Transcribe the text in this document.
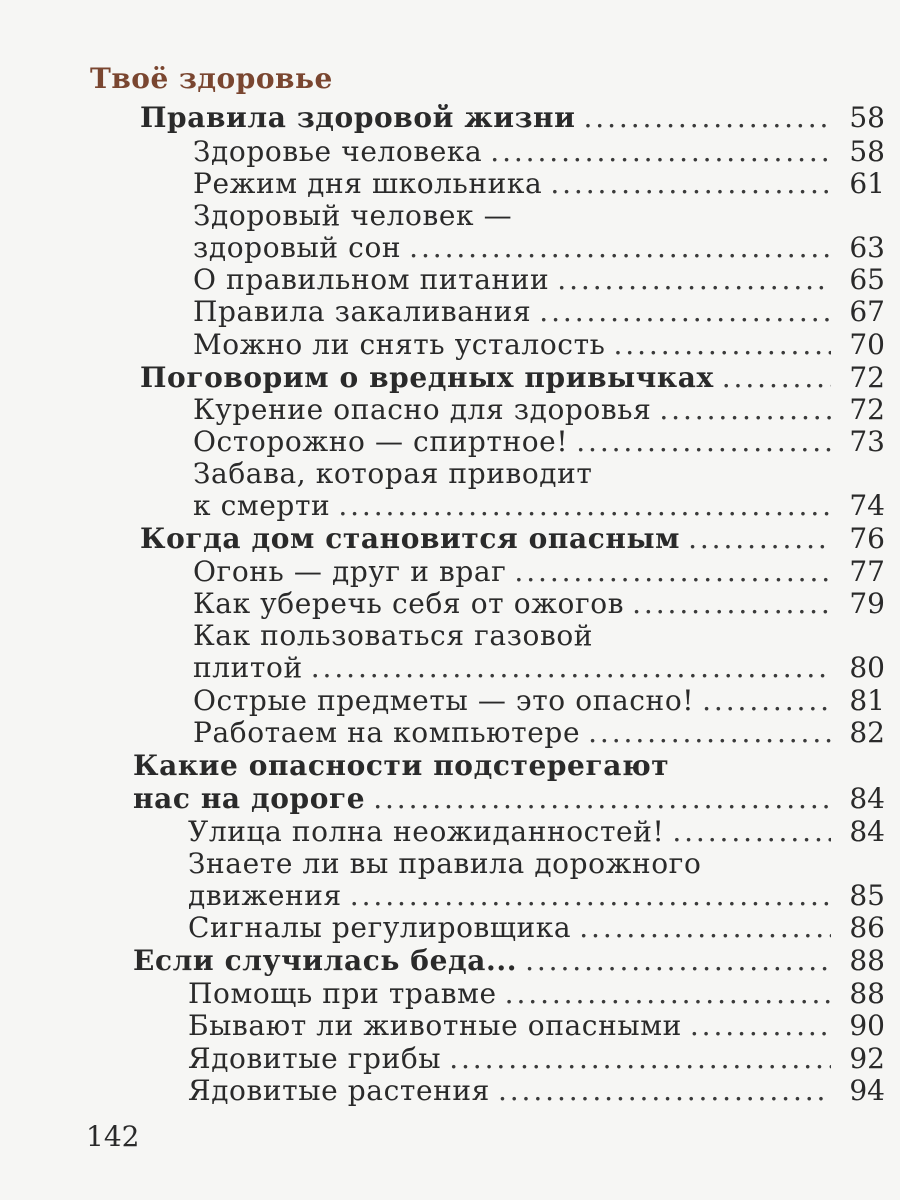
Твоё здоровье
Правила здоровой жизни . . .	58
Здоровье человека . . .	58
Режим дня школьника . . .	61
Здоровый человек —
здоровый сон . . .	63
О правильном питании . . .	65
Правила закаливания . . .	67
Можно ли снять усталость . . .	70
Поговорим о вредных привычках . . .	72
Курение опасно для здоровья . . .	72
Осторожно — спиртное! . . .	73
Забава, которая приводит
к смерти . . .	74
Когда дом становится опасным . . .	76
Огонь — друг и враг . . .	77
Как уберечь себя от ожогов . . .	79
Как пользоваться газовой
плитой . . .	80
Острые предметы — это опасно! . . .	81
Работаем на компьютере . . .	82
Какие опасности подстерегают
нас на дороге . . .	84
Улица полна неожиданностей! . . .	84
Знаете ли вы правила дорожного
движения . . .	85
Сигналы регулировщика . . .	86
Если случилась беда... . . .	88
Помощь при травме . . .	88
Бывают ли животные опасными . . .	90
Ядовитые грибы . . .	92
Ядовитые растения . . .	94
142
